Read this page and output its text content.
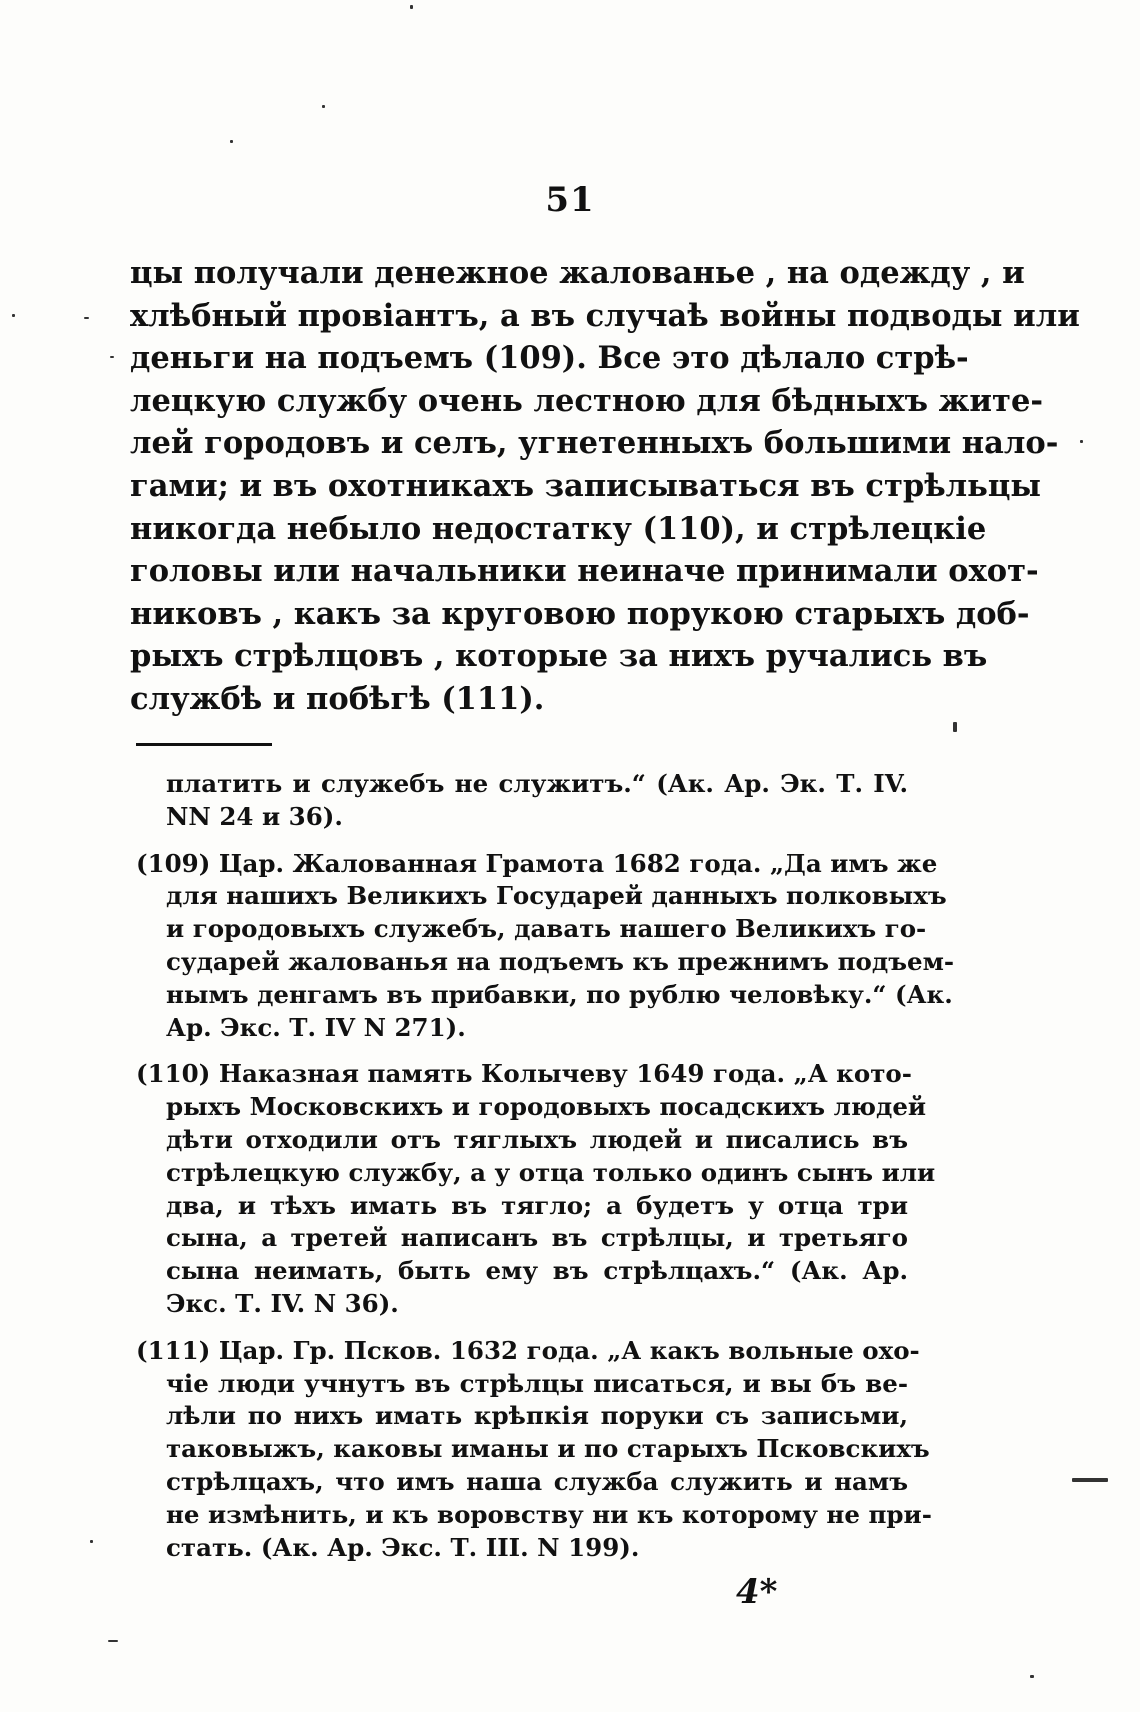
51
цы получали денежное жалованье , на одежду , и
хлѣбный провіантъ, а въ случаѣ войны подводы или
деньги на подъемъ (109). Все это дѣлало стрѣ-
лецкую службу очень лестною для бѣдныхъ жите-
лей городовъ и селъ, угнетенныхъ большими нало-
гами; и въ охотникахъ записываться въ стрѣльцы
никогда небыло недостатку (110), и стрѣлецкіе
головы или начальники неиначе принимали охот-
никовъ , какъ за круговою порукою старыхъ доб-
рыхъ стрѣлцовъ , которые за нихъ ручались въ
службѣ и побѣгѣ (111).
платить и служебъ не служитъ.“ (Ак. Ар. Эк. Т. IV.
NN 24 и 36).
(109) Цар. Жалованная Грамота 1682 года. „Да имъ же
для нашихъ Великихъ Государей данныхъ полковыхъ
и городовыхъ служебъ, давать нашего Великихъ го-
сударей жалованья на подъемъ къ прежнимъ подъем-
нымъ денгамъ въ прибавки, по рублю человѣку.“ (Ак.
Ар. Экс. Т. IV N 271).
(110) Наказная память Колычеву 1649 года. „А кото-
рыхъ Московскихъ и городовыхъ посадскихъ людей
дѣти отходили отъ тяглыхъ людей и писались въ
стрѣлецкую службу, а у отца только одинъ сынъ или
два, и тѣхъ имать въ тягло; а будетъ у отца три
сына, а третей написанъ въ стрѣлцы, и третьяго
сына неимать, быть ему въ стрѣлцахъ.“ (Ак. Ар.
Экс. Т. IV. N 36).
(111) Цар. Гр. Псков. 1632 года. „А какъ вольные охо-
чіе люди учнутъ въ стрѣлцы писаться, и вы бъ ве-
лѣли по нихъ имать крѣпкія поруки съ записьми,
таковыжъ, каковы иманы и по старыхъ Псковскихъ
стрѣлцахъ, что имъ наша служба служить и намъ
не измѣнить, и къ воровству ни къ которому не при-
стать. (Ак. Ар. Экс. Т. III. N 199).
4*
